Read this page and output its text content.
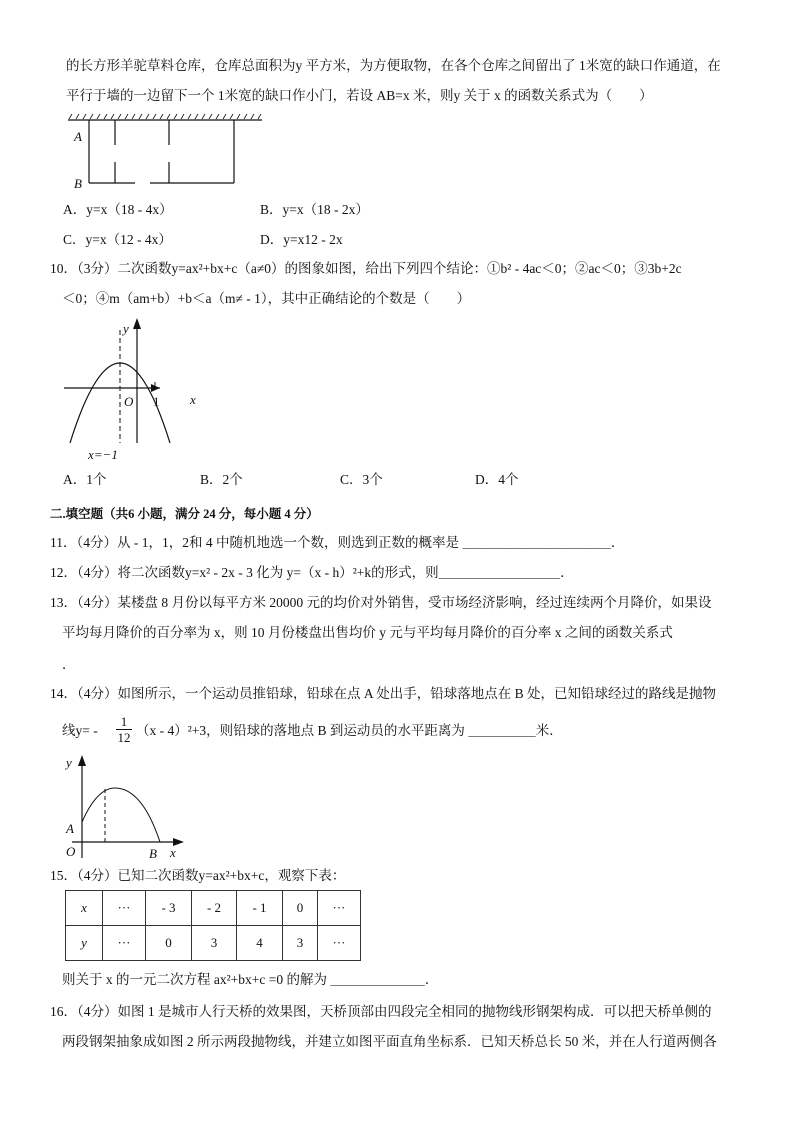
的长方形羊驼草料仓库，仓库总面积为y 平方米，为方便取物，在各个仓库之间留出了 1米宽的缺口作通道，在
平行于墙的一边留下一个 1米宽的缺口作小门，若设 AB=x 米，则y 关于 x 的函数关系式为（　　）
A
B
A．y=x（18 - 4x）	B．y=x（18 - 2x）
C．y=x（12 - 4x）	D．y=x12 - 2x
10．（3分）二次函数y=ax²+bx+c（a≠0）的图象如图，给出下列四个结论：①b² - 4ac＜0；②ac＜0；③3b+2c
＜0；④m（am+b）+b＜a（m≠ - 1），其中正确结论的个数是（　　）
y
x
O 1
x=−1
A．1个	B．2个	C．3个	D．4个
二.填空题（共6 小题，满分 24 分，每小题 4 分）
11．（4分）从 - 1，1，2和 4 中随机地选一个数，则选到正数的概率是 ＿＿＿＿＿＿＿＿＿＿＿．
12．（4分）将二次函数y=x² - 2x - 3 化为 y=（x - h）²+k的形式，则＿＿＿＿＿＿＿＿＿．
13．（4分）某楼盘 8 月份以每平方米 20000 元的均价对外销售，受市场经济影响，经过连续两个月降价，如果设
平均每月降价的百分率为 x，则 10 月份楼盘出售均价 y 元与平均每月降价的百分率 x 之间的函数关系式
．
14．（4分）如图所示，一个运动员推铅球，铅球在点 A 处出手，铅球落地点在 B 处，已知铅球经过的路线是抛物
线$y= - \frac{1}{12} (x - 4)^2+3$，则铅球的落地点 B 到运动员的水平距离为 ＿＿＿＿＿米．
y
A
O	B x
15．（4分）已知二次函数y=ax²+bx+c，观察下表：
x	···	- 3	- 2	- 1	0	···
y	···	0	3	4	3	···
则关于 x 的一元二次方程 ax²+bx+c =0 的解为 ＿＿＿＿＿＿＿．
16．（4分）如图 1 是城市人行天桥的效果图，天桥顶部由四段完全相同的抛物线形钢架构成．可以把天桥单侧的
两段钢架抽象成如图 2 所示两段抛物线，并建立如图平面直角坐标系．已知天桥总长 50 米，并在人行道两侧各
